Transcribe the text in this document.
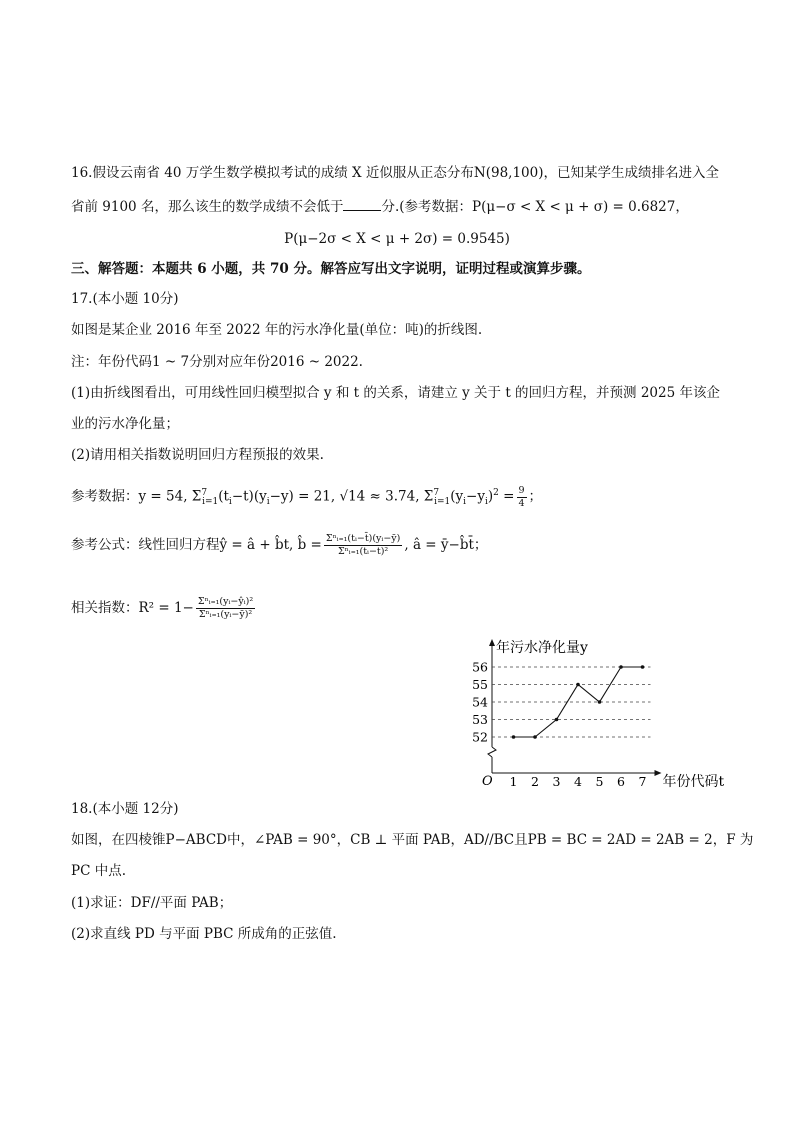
16.假设云南省 40 万学生数学模拟考试的成绩 X 近似服从正态分布N(98,100)，已知某学生成绩排名进入全
省前 9100 名，那么该生的数学成绩不会低于	分.(参考数据：P(μ−σ < X < μ + σ) = 0.6827，
P(μ−2σ < X < μ + 2σ) = 0.9545)
三、解答题：本题共 6 小题，共 70 分。解答应写出文字说明，证明过程或演算步骤。
17.(本小题 10分)
如图是某企业 2016 年至 2022 年的污水净化量(单位：吨)的折线图.
注：年份代码1 ~ 7分别对应年份2016 ~ 2022.
(1)由折线图看出，可用线性回归模型拟合 y 和 t 的关系，请建立 y 关于 t 的回归方程，并预测 2025 年该企
业的污水净化量；
(2)请用相关指数说明回归方程预报的效果.
参考数据：y = 54, $\Sigma^7_{i=1}(t_i-t)(y_i-y) = 21$, √14 ≈ 3.74, $\Sigma^7_{i=1}(y_i-y_i)^2 = \frac{9}{4}$ ；
参考公式：线性回归方程ŷ = â + b̂t, b̂ = $\frac{\text{Σⁿᵢ₌₁(tᵢ−t̄)(yᵢ−ȳ)}}{\text{Σⁿᵢ₌₁(tᵢ−t̄)²}}$ , â = ȳ−b̂t̄；
相关指数：$R^2 = 1- \frac{\text{Σⁿᵢ₌₁(yᵢ−ŷᵢ)²}}{\text{Σⁿᵢ₌₁(yᵢ−ȳ)²}}$
年污水净化量y
年份代码t
O
52
53
54
55
56
1 2 3 4 5 6 7
18.(本小题 12分)
如图，在四棱锥P−ABCD中，∠PAB = 90°，CB ⊥ 平面 PAB，AD//BC且PB = BC = 2AD = 2AB = 2，F 为
PC 中点.
(1)求证：DF//平面 PAB；
(2)求直线 PD 与平面 PBC 所成角的正弦值.
